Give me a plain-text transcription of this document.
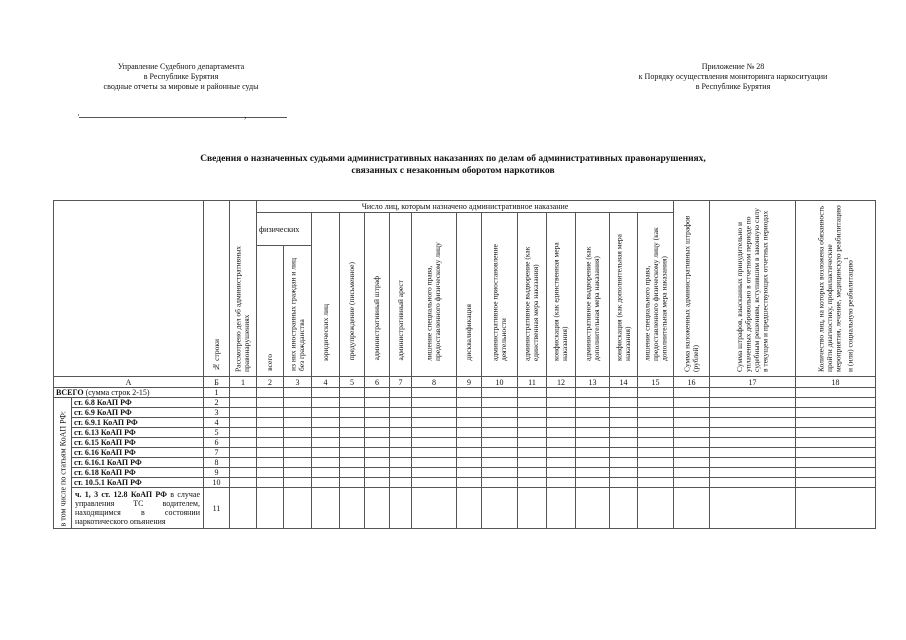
Управление Судебного департамента
в Республике Бурятия
сводные отчеты за мировые и районные суды
Приложение № 28
к Порядку осуществления мониторинга наркоситуации
в Республике Бурятия
·	,
Сведения о назначенных судьями административных наказаниях по делам об административных правонарушениях,
связанных с незаконным оборотом наркотиков

		№ строки	Рассмотрено дел об административных правонарушениях	Число лиц, которым назначено административное наказание														Сумма наложенных административных штрафов (рублей)	Сумма штрафов, взысканных принудительно и уплаченных добровольно в отчетном периоде по судебным решениям, вступившим в законную силу в текущем и предшествующих отчетных периодах	Количество лиц, на которых возложена обязанность пройти диагностику, профилактические мероприятия, лечение, медицинскую реабилитацию и (или) социальную реабилитацию$^1$

				физических		юридических лиц	предупреждение (письменное)	административный штраф	административный арест	лишение специального права, предоставленного физическому лицу	дисквалификация	административное приостановление деятельности	административное выдворение (как единственная мера наказания)	конфискация (как единственная мера наказания)	административное выдворение (как дополнительная мера наказания)	конфискация (как дополнительная мера наказания)	лишение специального права, предоставленного физическому лицу (как дополнительная мера наказания)			

				всего	из них иностранных граждан и лиц без гражданства															

А		Б	1	2	3	4	5	6	7	8	9	10	11	12	13	14	15	16	17	18
ВСЕГО (сумма строк 2-15)		1																		

в том числе по статьям КоАП РФ:	ст. 6.8 КоАП РФ	2																		
	ст. 6.9 КоАП РФ	3																		
	ст. 6.9.1 КоАП РФ	4																		
	ст. 6.13 КоАП РФ	5																		
	ст. 6.15 КоАП РФ	6																		
	ст. 6.16 КоАП РФ	7																		
	ст. 6.16.1 КоАП РФ	8																		
	ст. 6.18 КоАП РФ	9																		
	ст. 10.5.1 КоАП РФ	10																		
	ч. 1, 3 ст. 12.8 КоАП РФ в случае управления ТС водителем, находящимся в состоянии наркотического опьянения	11																		
